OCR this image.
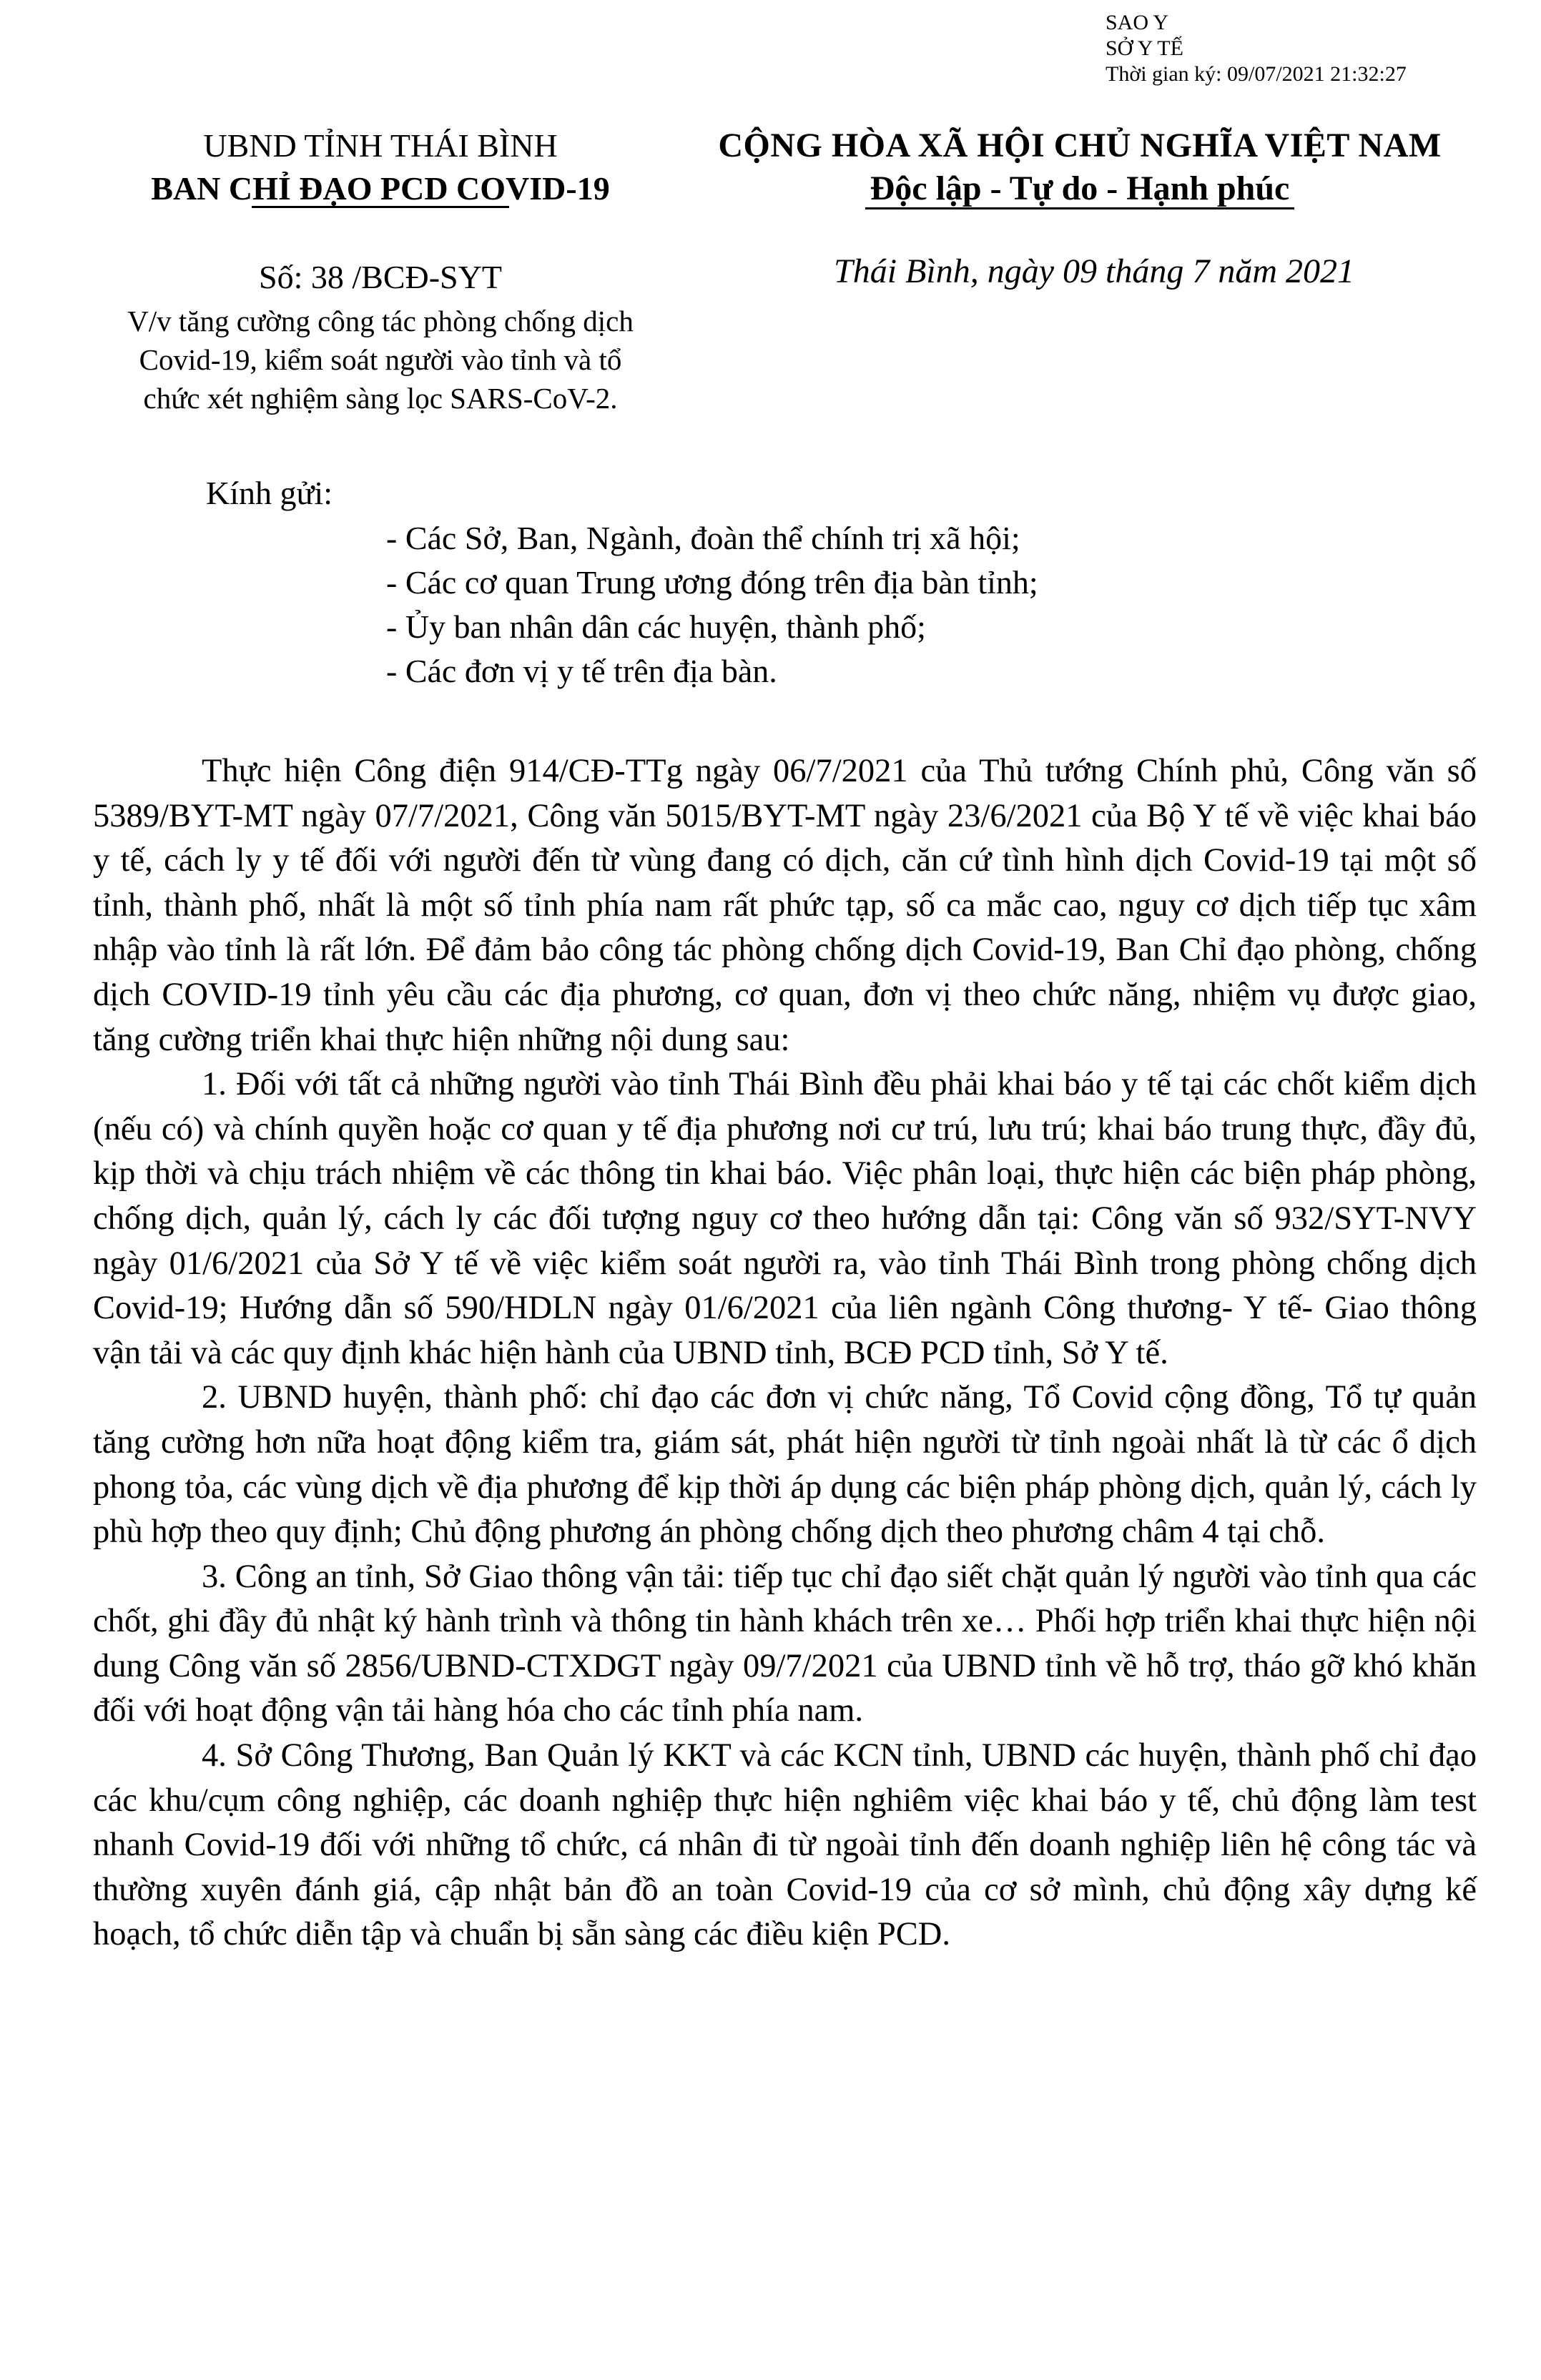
SAO Y
SỞ Y TẾ
Thời gian ký: 09/07/2021 21:32:27
UBND TỈNH THÁI BÌNH
BAN CHỈ ĐẠO PCD COVID-19
CỘNG HÒA XÃ HỘI CHỦ NGHĨA VIỆT NAM
Độc lập - Tự do - Hạnh phúc
Số: 38 /BCĐ-SYT
V/v tăng cường công tác phòng chống dịch
Covid-19, kiểm soát người vào tỉnh và tổ
chức xét nghiệm sàng lọc SARS-CoV-2.
Thái Bình, ngày 09 tháng 7 năm 2021
Kính gửi:
- Các Sở, Ban, Ngành, đoàn thể chính trị xã hội;
- Các cơ quan Trung ương đóng trên địa bàn tỉnh;
- Ủy ban nhân dân các huyện, thành phố;
- Các đơn vị y tế trên địa bàn.

Thực hiện Công điện 914/CĐ-TTg ngày 06/7/2021 của Thủ tướng Chính phủ, Công văn số 5389/BYT-MT ngày 07/7/2021, Công văn 5015/BYT-MT ngày 23/6/2021 của Bộ Y tế về việc khai báo y tế, cách ly y tế đối với người đến từ vùng đang có dịch, căn cứ tình hình dịch Covid-19 tại một số tỉnh, thành phố, nhất là một số tỉnh phía nam rất phức tạp, số ca mắc cao, nguy cơ dịch tiếp tục xâm nhập vào tỉnh là rất lớn. Để đảm bảo công tác phòng chống dịch Covid-19, Ban Chỉ đạo phòng, chống dịch COVID-19 tỉnh yêu cầu các địa phương, cơ quan, đơn vị theo chức năng, nhiệm vụ được giao, tăng cường triển khai thực hiện những nội dung sau:

1. Đối với tất cả những người vào tỉnh Thái Bình đều phải khai báo y tế tại các chốt kiểm dịch (nếu có) và chính quyền hoặc cơ quan y tế địa phương nơi cư trú, lưu trú; khai báo trung thực, đầy đủ, kịp thời và chịu trách nhiệm về các thông tin khai báo. Việc phân loại, thực hiện các biện pháp phòng, chống dịch, quản lý, cách ly các đối tượng nguy cơ theo hướng dẫn tại: Công văn số 932/SYT-NVY ngày 01/6/2021 của Sở Y tế về việc kiểm soát người ra, vào tỉnh Thái Bình trong phòng chống dịch Covid-19; Hướng dẫn số 590/HDLN ngày 01/6/2021 của liên ngành Công thương- Y tế- Giao thông vận tải và các quy định khác hiện hành của UBND tỉnh, BCĐ PCD tỉnh, Sở Y tế.

2. UBND huyện, thành phố: chỉ đạo các đơn vị chức năng, Tổ Covid cộng đồng, Tổ tự quản tăng cường hơn nữa hoạt động kiểm tra, giám sát, phát hiện người từ tỉnh ngoài nhất là từ các ổ dịch phong tỏa, các vùng dịch về địa phương để kịp thời áp dụng các biện pháp phòng dịch, quản lý, cách ly phù hợp theo quy định; Chủ động phương án phòng chống dịch theo phương châm 4 tại chỗ.

3. Công an tỉnh, Sở Giao thông vận tải: tiếp tục chỉ đạo siết chặt quản lý người vào tỉnh qua các chốt, ghi đầy đủ nhật ký hành trình và thông tin hành khách trên xe… Phối hợp triển khai thực hiện nội dung Công văn số 2856/UBND-CTXDGT ngày 09/7/2021 của UBND tỉnh về hỗ trợ, tháo gỡ khó khăn đối với hoạt động vận tải hàng hóa cho các tỉnh phía nam.

4. Sở Công Thương, Ban Quản lý KKT và các KCN tỉnh, UBND các huyện, thành phố chỉ đạo các khu/cụm công nghiệp, các doanh nghiệp thực hiện nghiêm việc khai báo y tế, chủ động làm test nhanh Covid-19 đối với những tổ chức, cá nhân đi từ ngoài tỉnh đến doanh nghiệp liên hệ công tác và thường xuyên đánh giá, cập nhật bản đồ an toàn Covid-19 của cơ sở mình, chủ động xây dựng kế hoạch, tổ chức diễn tập và chuẩn bị sẵn sàng các điều kiện PCD.
